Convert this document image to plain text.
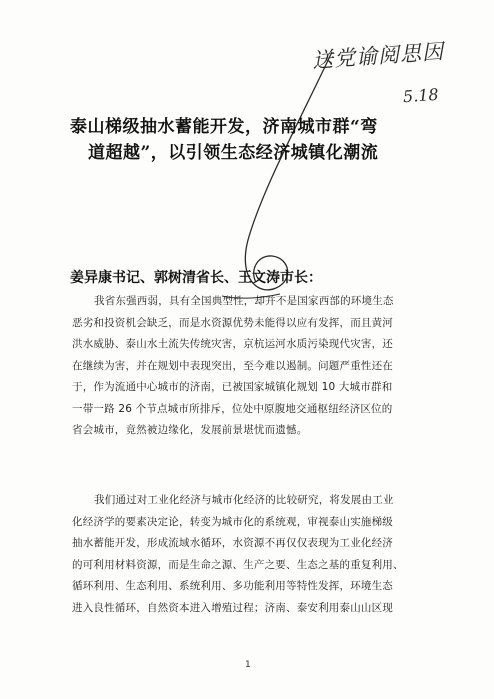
送党谕阅思因
5.18
泰山梯级抽水蓄能开发，济南城市群“弯
道超越”，以引领生态经济城镇化潮流
姜异康书记、郭树清省长、王文涛市长：
我省东强西弱，具有全国典型性，却并不是国家西部的环境生态
恶劣和投资机会缺乏，而是水资源优势未能得以应有发挥，而且黄河
洪水威胁、泰山水土流失传统灾害，京杭运河水质污染现代灾害，还
在继续为害，并在规划中表现突出，至今难以遏制。问题严重性还在
于，作为流通中心城市的济南，已被国家城镇化规划 10 大城市群和
一带一路 26 个节点城市所排斥，位处中原腹地交通枢纽经济区位的
省会城市，竟然被边缘化，发展前景堪忧而遗憾。
我们通过对工业化经济与城市化经济的比较研究，将发展由工业
化经济学的要素决定论，转变为城市化的系统观，审视泰山实施梯级
抽水蓄能开发，形成流域水循环，水资源不再仅仅表现为工业化经济
的可利用材料资源，而是生命之源、生产之要、生态之基的重复利用、
循环利用、生态利用、系统利用、多功能利用等特性发挥，环境生态
进入良性循环，自然资本进入增殖过程；济南、泰安利用泰山山区现
1
